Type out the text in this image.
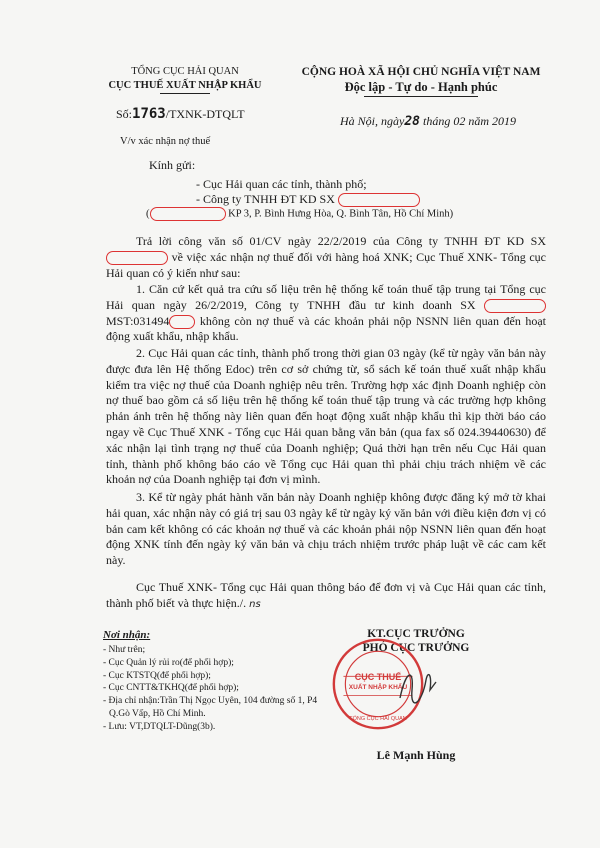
TỔNG CỤC HẢI QUAN
CỤC THUẾ XUẤT NHẬP KHẨU
Số:1763/TXNK-DTQLT
V/v xác nhận nợ thuế
CỘNG HOÀ XÃ HỘI CHỦ NGHĨA VIỆT NAM
Độc lập - Tự do - Hạnh phúc
Hà Nội, ngày28 tháng 02 năm 2019
Kính gửi:
- Cục Hải quan các tỉnh, thành phố;
- Công ty TNHH ĐT KD SX
(	KP 3, P. Bình Hưng Hòa, Q. Bình Tân, Hồ Chí Minh)

Trả lời công văn số 01/CV ngày 22/2/2019 của Công ty TNHH ĐT KD SX  về việc xác nhận nợ thuế đối với hàng hoá XNK; Cục Thuế XNK- Tổng cục Hải quan có ý kiến như sau:

1. Căn cứ kết quả tra cứu số liệu trên hệ thống kế toán thuế tập trung tại Tổng cục Hải quan ngày 26/2/2019, Công ty TNHH đầu tư kinh doanh SX  MST:031494	không còn nợ thuế và các khoản phải nộp NSNN liên quan đến hoạt động xuất khẩu, nhập khẩu.

2. Cục Hải quan các tỉnh, thành phố trong thời gian 03 ngày (kể từ ngày văn bản này được đưa lên Hệ thống Edoc) trên cơ sở chứng từ, sổ sách kế toán thuế xuất nhập khẩu kiểm tra việc nợ thuế của Doanh nghiệp nêu trên. Trường hợp xác định Doanh nghiệp còn nợ thuế bao gồm cả số liệu trên hệ thống kế toán thuế tập trung và các trường hợp không phản ánh trên hệ thống này liên quan đến hoạt động xuất nhập khẩu thì kịp thời báo cáo ngay về Cục Thuế XNK - Tổng cục Hải quan bằng văn bản (qua fax số 024.39440630) để xác nhận lại tình trạng nợ thuế của Doanh nghiệp; Quá thời hạn trên nếu Cục Hải quan tỉnh, thành phố không báo cáo về Tổng cục Hải quan thì phải chịu trách nhiệm về các khoản nợ của Doanh nghiệp tại đơn vị mình.

3. Kể từ ngày phát hành văn bản này Doanh nghiệp không được đăng ký mở tờ khai hải quan, xác nhận này có giá trị sau 03 ngày kể từ ngày ký văn bản với điều kiện đơn vị có bản cam kết không có các khoản nợ thuế và các khoản phải nộp NSNN liên quan đến hoạt động XNK tính đến ngày ký văn bản và chịu trách nhiệm trước pháp luật về các cam kết này.

Cục Thuế XNK- Tổng cục Hải quan thông báo để đơn vị và Cục Hải quan các tỉnh, thành phố biết và thực hiện./. ns

Nơi nhận:
- Như trên;
- Cục Quản lý rủi ro(để phối hợp);
- Cục KTSTQ(để phối hợp);
- Cục CNTT&TKHQ(để phối hợp);
- Địa chỉ nhận:Trần Thị Ngọc Uyên, 104 đường số 1, P4
Q.Gò Vấp, Hồ Chí Minh.
- Lưu: VT,DTQLT-Dũng(3b).
KT.CỤC TRƯỞNG
PHÓ CỤC TRƯỞNG
CỤC THUẾ
XUẤT NHẬP KHẨU
TỔNG CỤC HẢI QUAN
Lê Mạnh Hùng
